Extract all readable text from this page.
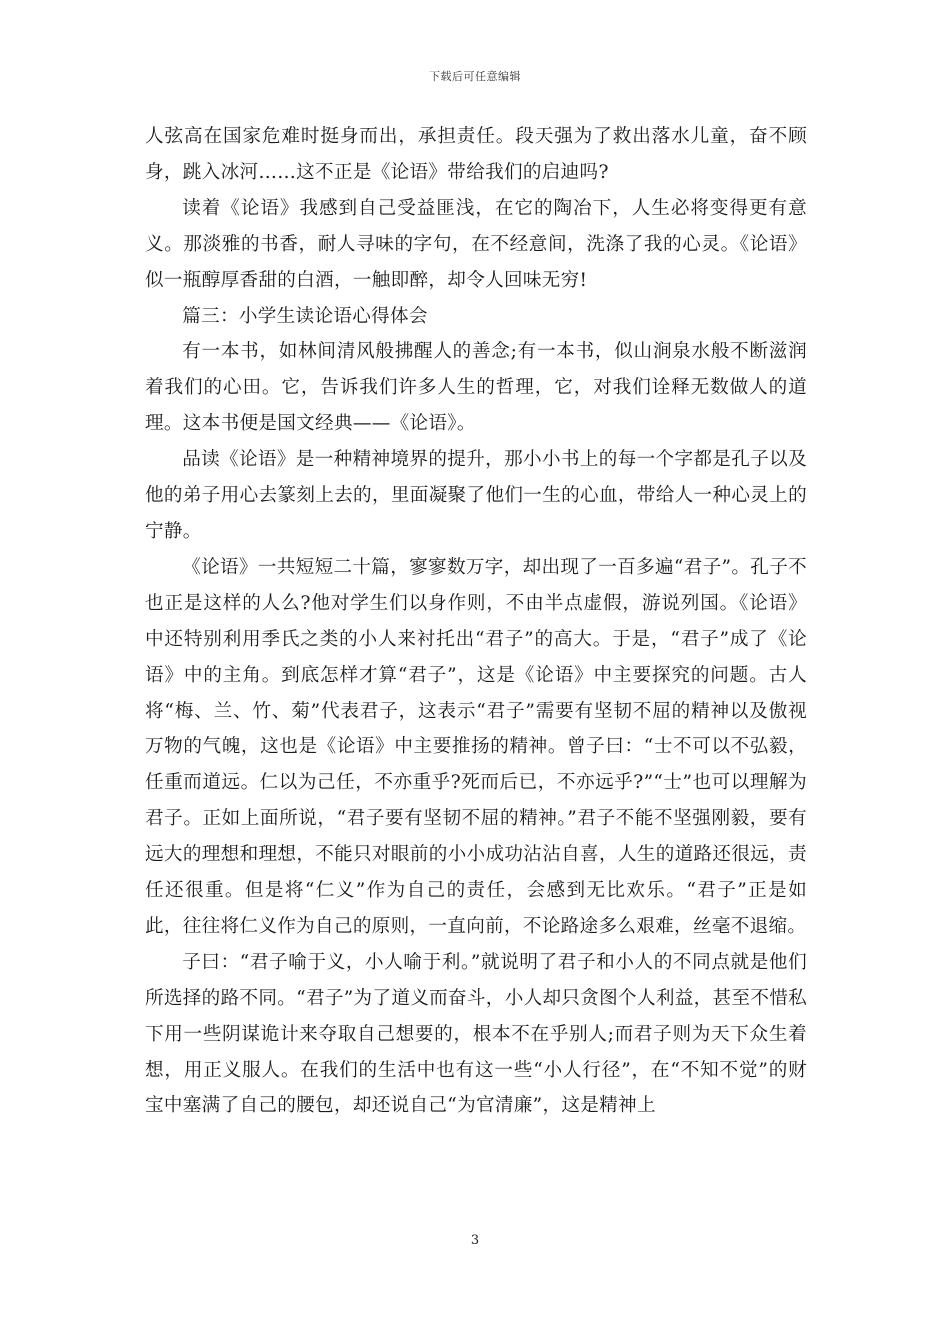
下载后可任意编辑

人弦高在国家危难时挺身而出，承担责任。段天强为了救出落水儿童，奋不顾身，跳入冰河……这不正是《论语》带给我们的启迪吗?

读着《论语》我感到自己受益匪浅，在它的陶冶下，人生必将变得更有意义。那淡雅的书香，耐人寻味的字句，在不经意间，洗涤了我的心灵。《论语》似一瓶醇厚香甜的白酒，一触即醉，却令人回味无穷!

篇三：小学生读论语心得体会

有一本书，如林间清风般拂醒人的善念;有一本书，似山涧泉水般不断滋润着我们的心田。它，告诉我们许多人生的哲理，它，对我们诠释无数做人的道理。这本书便是国文经典——《论语》。

品读《论语》是一种精神境界的提升，那小小书上的每一个字都是孔子以及他的弟子用心去篆刻上去的，里面凝聚了他们一生的心血，带给人一种心灵上的宁静。

《论语》一共短短二十篇，寥寥数万字，却出现了一百多遍“君子”。孔子不也正是这样的人么?他对学生们以身作则，不由半点虚假，游说列国。《论语》中还特别利用季氏之类的小人来衬托出“君子”的高大。于是，“君子”成了《论语》中的主角。到底怎样才算“君子”，这是《论语》中主要探究的问题。古人将“梅、兰、竹、菊”代表君子，这表示“君子”需要有坚韧不屈的精神以及傲视万物的气魄，这也是《论语》中主要推扬的精神。曾子曰：“士不可以不弘毅，任重而道远。仁以为己任，不亦重乎?死而后已，不亦远乎?”“士”也可以理解为君子。正如上面所说，“君子要有坚韧不屈的精神。”君子不能不坚强刚毅，要有远大的理想和理想，不能只对眼前的小小成功沾沾自喜，人生的道路还很远，责任还很重。但是将“仁义”作为自己的责任，会感到无比欢乐。“君子”正是如此，往往将仁义作为自己的原则，一直向前，不论路途多么艰难，丝毫不退缩。

子曰：“君子喻于义，小人喻于利。”就说明了君子和小人的不同点就是他们所选择的路不同。“君子”为了道义而奋斗，小人却只贪图个人利益，甚至不惜私下用一些阴谋诡计来夺取自己想要的，根本不在乎别人;而君子则为天下众生着想，用正义服人。在我们的生活中也有这一些“小人行径”，在“不知不觉”的财宝中塞满了自己的腰包，却还说自己“为官清廉”，这是精神上

3
